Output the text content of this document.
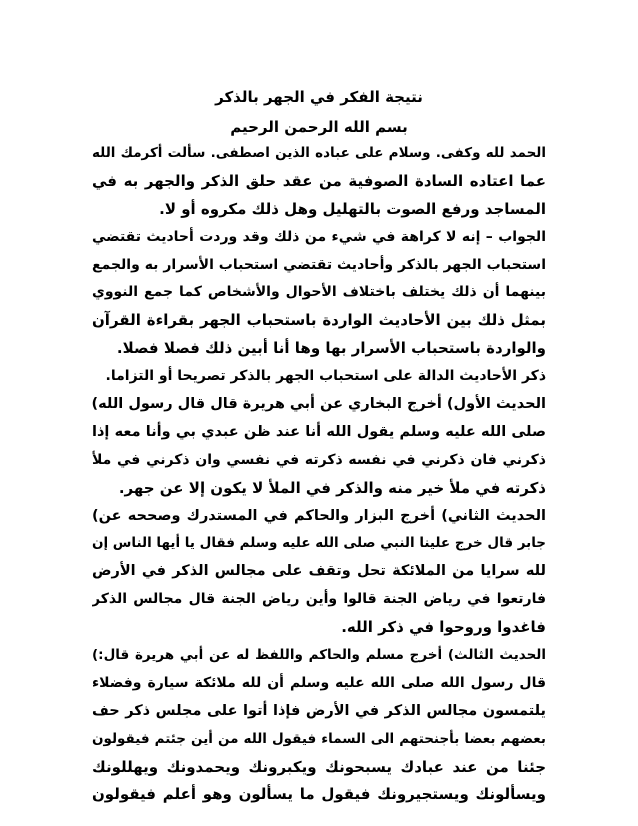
نتيجة الفكر في الجهر بالذكر
بسم الله الرحمن الرحيم
الحمد لله وكفى. وسلام على عباده الذين اصطفى. سألت أكرمك الله
عما اعتاده السادة الصوفية من عقد حلق الذكر والجهر به في
المساجد ورفع الصوت بالتهليل وهل ذلك مكروه أو لا.
الجواب – إنه لا كراهة في شيء من ذلك وقد وردت أحاديث تقتضي
استحباب الجهر بالذكر وأحاديث تقتضي استحباب الأسرار به والجمع
بينهما أن ذلك يختلف باختلاف الأحوال والأشخاص كما جمع النووي
بمثل ذلك بين الأحاديث الواردة باستحباب الجهر بقراءة القرآن
والواردة باستحباب الأسرار بها وها أنا أبين ذلك فصلا فصلا.
ذكر الأحاديث الدالة على استحباب الجهر بالذكر تصريحا أو التزاما.
الحديث الأول) أخرج البخاري عن أبي هريرة قال قال رسول الله)
صلى الله عليه وسلم يقول الله أنا عند ظن عبدي بي وأنا معه إذا
ذكرني فان ذكرني في نفسه ذكرته في نفسي وان ذكرني في ملأ
ذكرته في ملأ خير منه والذكر في الملأ لا يكون إلا عن جهر.
الحديث الثاني) أخرج البزار والحاكم في المستدرك وصححه عن)
جابر قال خرج علينا النبي صلى الله عليه وسلم فقال يا أيها الناس إن
لله سرايا من الملائكة تحل وتقف على مجالس الذكر في الأرض
فارتعوا في رياض الجنة قالوا وأين رياض الجنة قال مجالس الذكر
فاغدوا وروحوا في ذكر الله.
الحديث الثالث) أخرج مسلم والحاكم واللفظ له عن أبي هريرة قال:)
قال رسول الله صلى الله عليه وسلم أن لله ملائكة سيارة وفضلاء
يلتمسون مجالس الذكر في الأرض فإذا أتوا على مجلس ذكر حف
بعضهم بعضا بأجنحتهم الى السماء فيقول الله من أين جئتم فيقولون
جئنا من عند عبادك يسبحونك ويكبرونك ويحمدونك ويهللونك
ويسألونك ويستجيرونك فيقول ما يسألون وهو أعلم فيقولون
